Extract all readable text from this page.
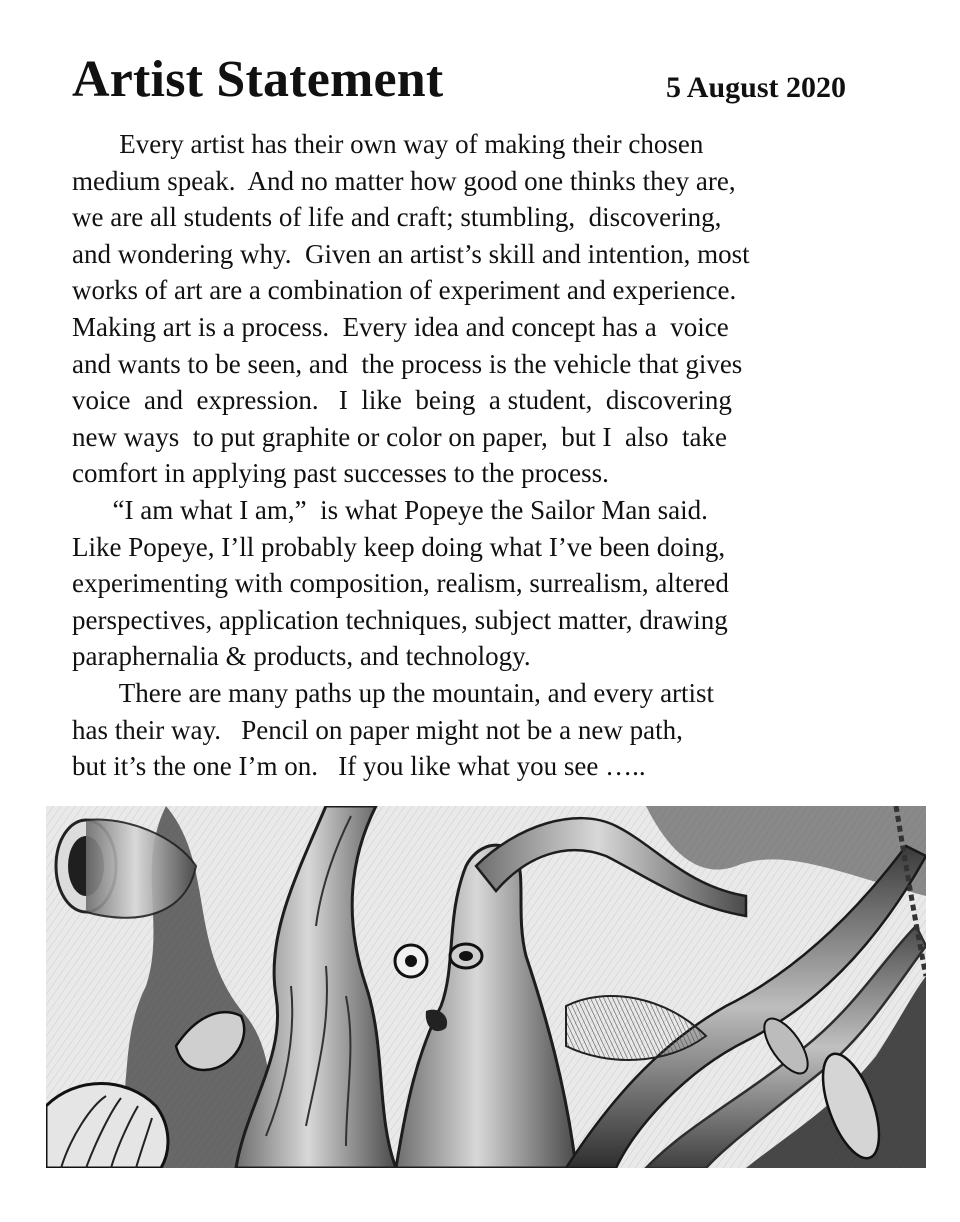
Artist Statement	5 August 2020
Every artist has their own way of making their chosen
medium speak.  And no matter how good one thinks they are,
we are all students of life and craft; stumbling,  discovering,
and wondering why.  Given an artist’s skill and intention, most
works of art are a combination of experiment and experience.
Making art is a process.  Every idea and concept has a  voice
and wants to be seen, and  the process is the vehicle that gives
voice  and  expression.   I  like  being  a student,  discovering
new ways  to put graphite or color on paper,  but I  also  take
comfort in applying past successes to the process.
“I am what I am,”  is what Popeye the Sailor Man said.
Like Popeye, I’ll probably keep doing what I’ve been doing,
experimenting with composition, realism, surrealism, altered
perspectives, application techniques, subject matter, drawing
paraphernalia & products, and technology.
There are many paths up the mountain, and every artist
has their way.   Pencil on paper might not be a new path,
but it’s the one I’m on.   If you like what you see …..
